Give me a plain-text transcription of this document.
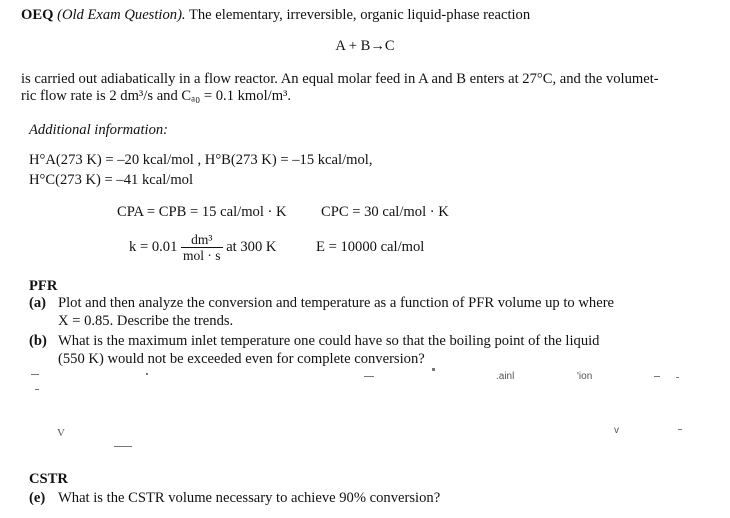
OEQ (Old Exam Question). The elementary, irreversible, organic liquid-phase reaction
A + B→C
is carried out adiabatically in a flow reactor. An equal molar feed in A and B enters at 27°C, and the volumet-
ric flow rate is 2 dm³/s and Cₐ₀ = 0.1 kmol/m³.
Additional information:
H°A(273 K) = –20 kcal/mol , H°B(273 K) = –15 kcal/mol,
H°C(273 K) = –41 kcal/mol
CPA = CPB = 15 cal/mol · K CPC = 30 cal/mol · K
$k = 0.01 \frac{\text{dm³}}{\text{mol · s}}$ at 300 K	E = 10000 cal/mol
PFR
(a) Plot and then analyze the conversion and temperature as a function of PFR volume up to where
X = 0.85. Describe the trends.
(b) What is the maximum inlet temperature one could have so that the boiling point of the liquid
(550 K) would not be exceeded even for complete conversion?
V
'ion
.ainl
v
CSTR
(e) What is the CSTR volume necessary to achieve 90% conversion?
